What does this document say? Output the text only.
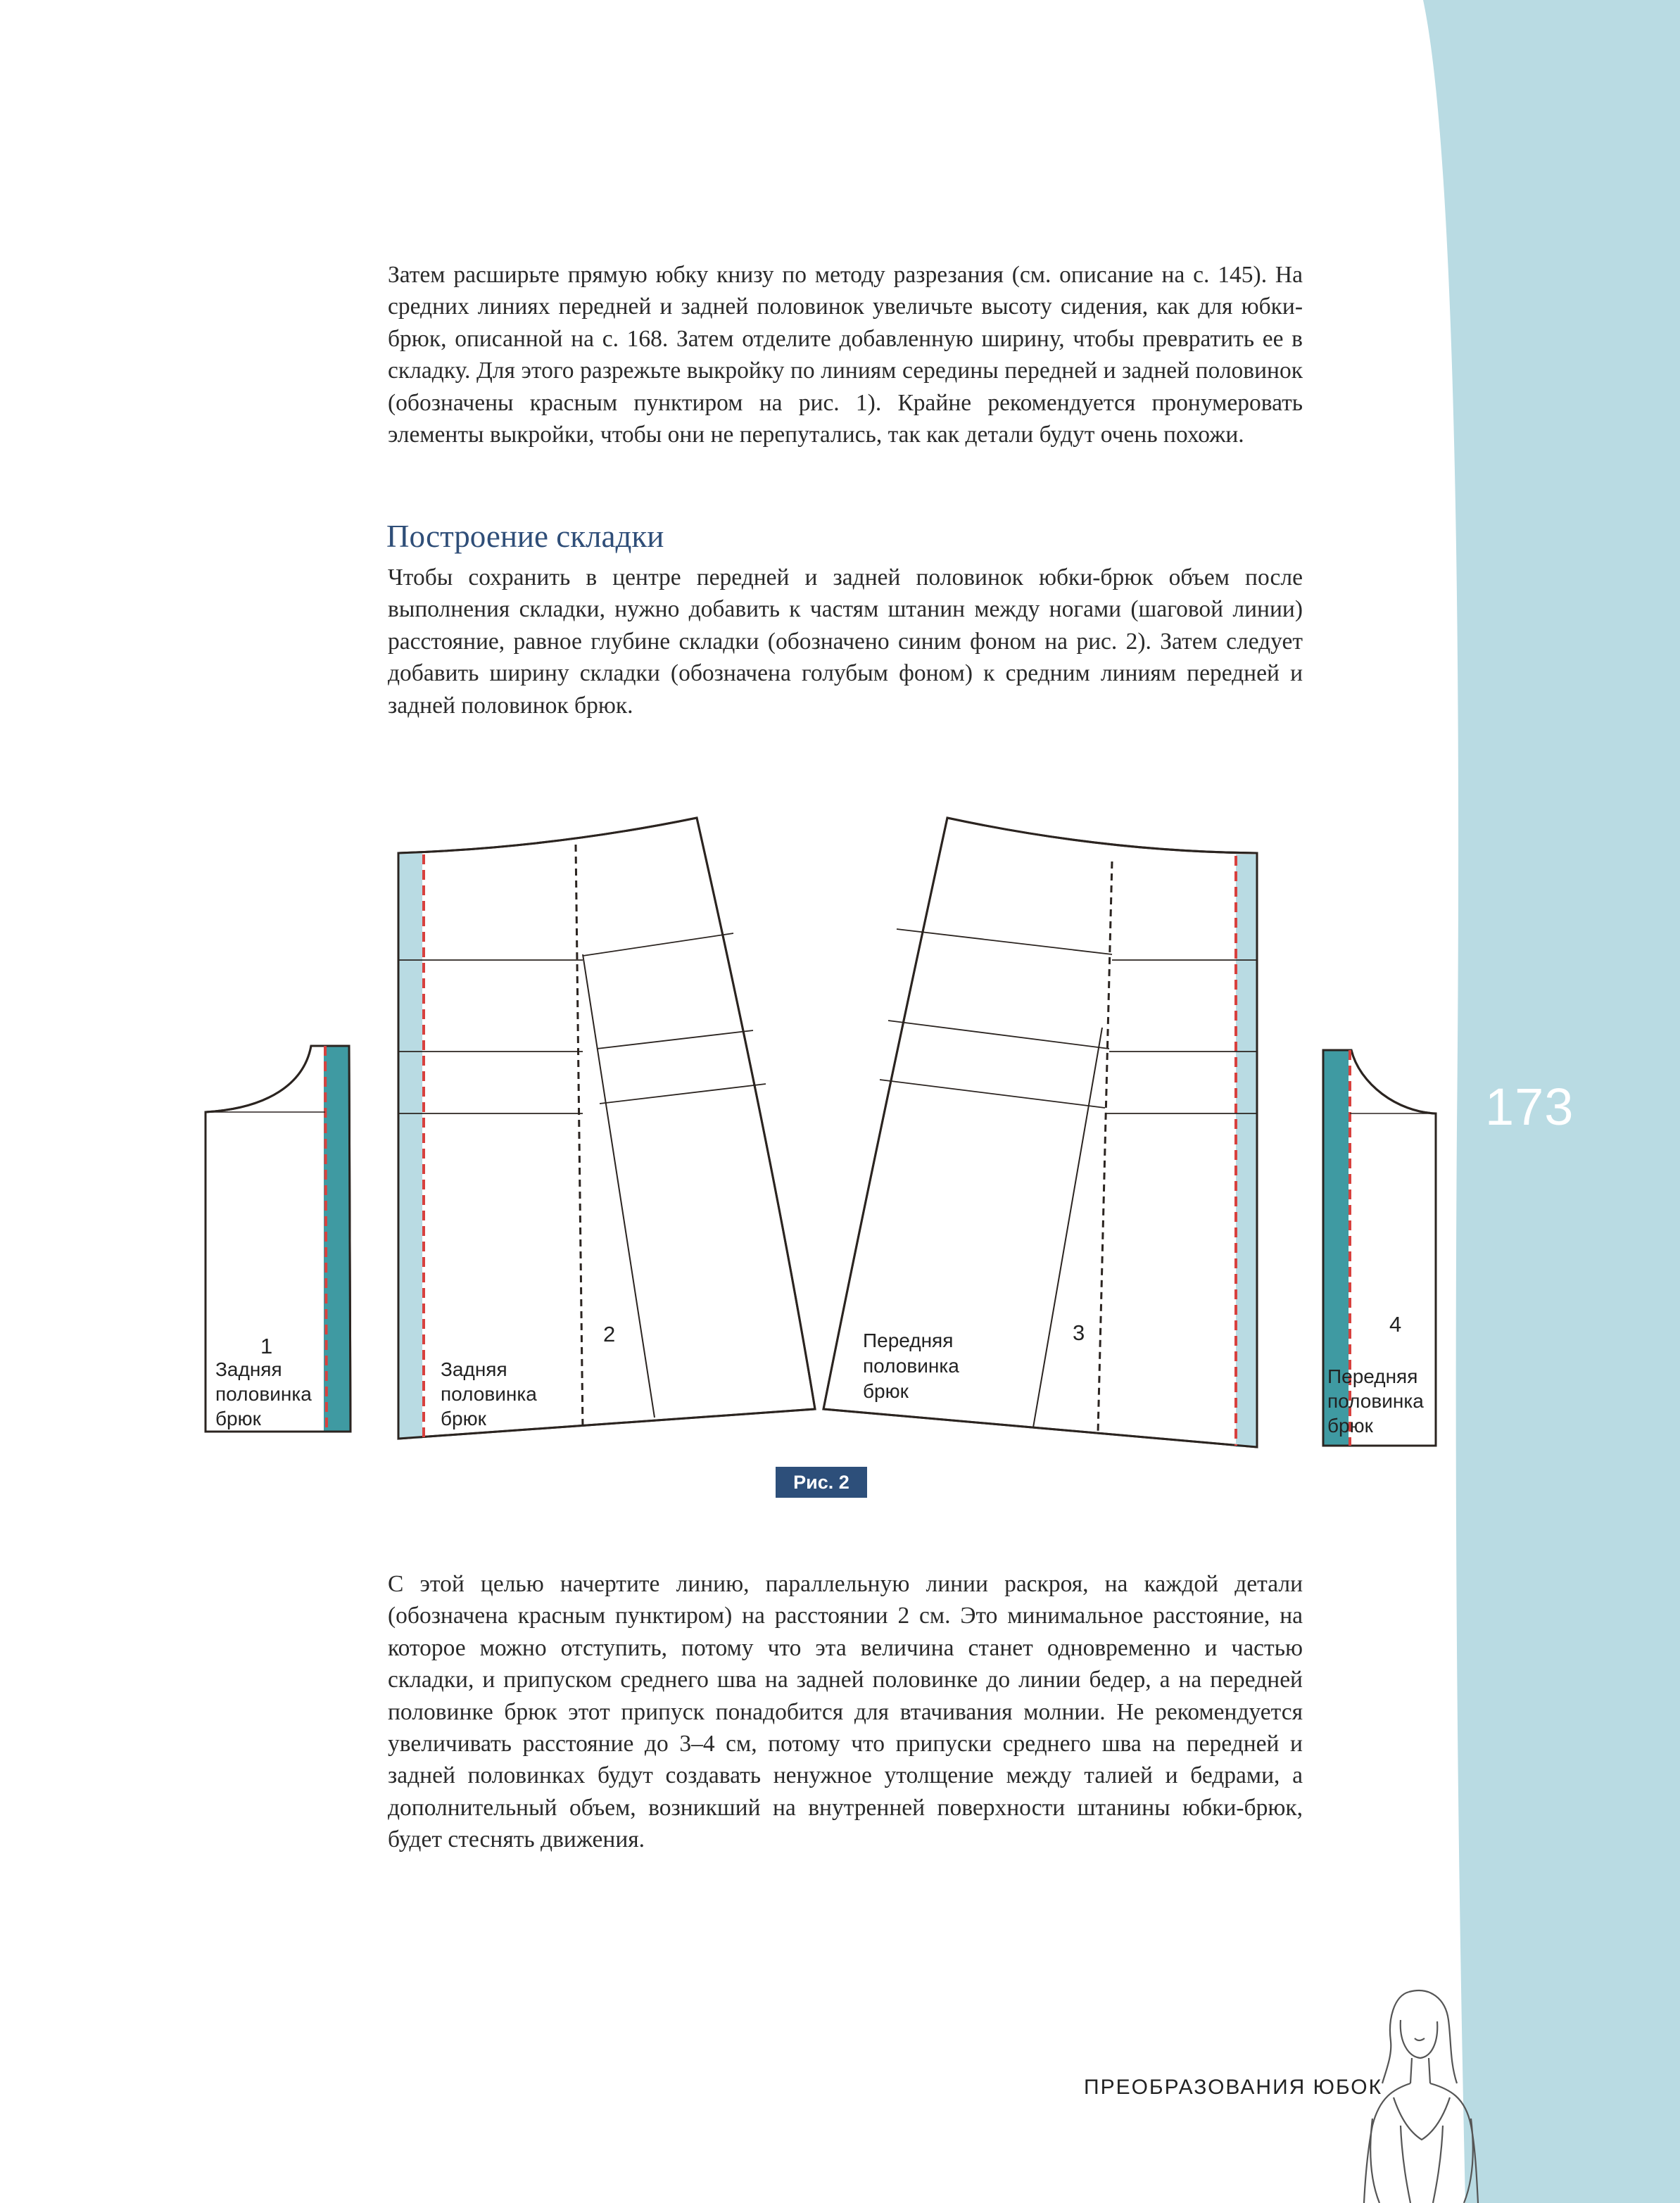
173

Затем расширьте прямую юбку книзу по методу разрезания (см. описание на с. 145). На средних линиях передней и задней половинок увеличьте высоту сидения, как для юбки-брюк, описанной на с. 168. Затем отделите добавленную ширину, чтобы превратить ее в складку. Для этого разрежьте выкройку по линиям середины передней и задней половинок (обозначены красным пунктиром на рис. 1). Крайне рекомендуется пронумеровать элементы выкройки, чтобы они не перепутались, так как детали будут очень похожи.

Построение складки

Чтобы сохранить в центре передней и задней половинок юбки-брюк объем после выполнения складки, нужно добавить к частям штанин между ногами (шаговой линии) расстояние, равное глубине складки (обозначено синим фоном на рис. 2). Затем следует добавить ширину складки (обозначена голубым фоном) к средним линиям передней и задней половинок брюк.

1
Задняя
половинка
брюк
2
Задняя
половинка
брюк
3
Передняя
половинка
брюк
4
Передняя
половинка
брюк
Рис. 2

С этой целью начертите линию, параллельную линии раскроя, на каждой детали (обозначена красным пунктиром) на расстоянии 2 см. Это минимальное расстояние, на которое можно отступить, потому что эта величина станет одновременно и частью складки, и припуском среднего шва на задней половинке до линии бедер, а на передней половинке брюк этот припуск понадобится для втачивания молнии. Не рекомендуется увеличивать расстояние до 3–4 см, потому что припуски среднего шва на передней и задней половинках будут создавать ненужное утолщение между талией и бедрами, а дополнительный объем, возникший на внутренней поверхности штанины юбки-брюк, будет стеснять движения.

ПРЕОБРАЗОВАНИЯ ЮБОК
